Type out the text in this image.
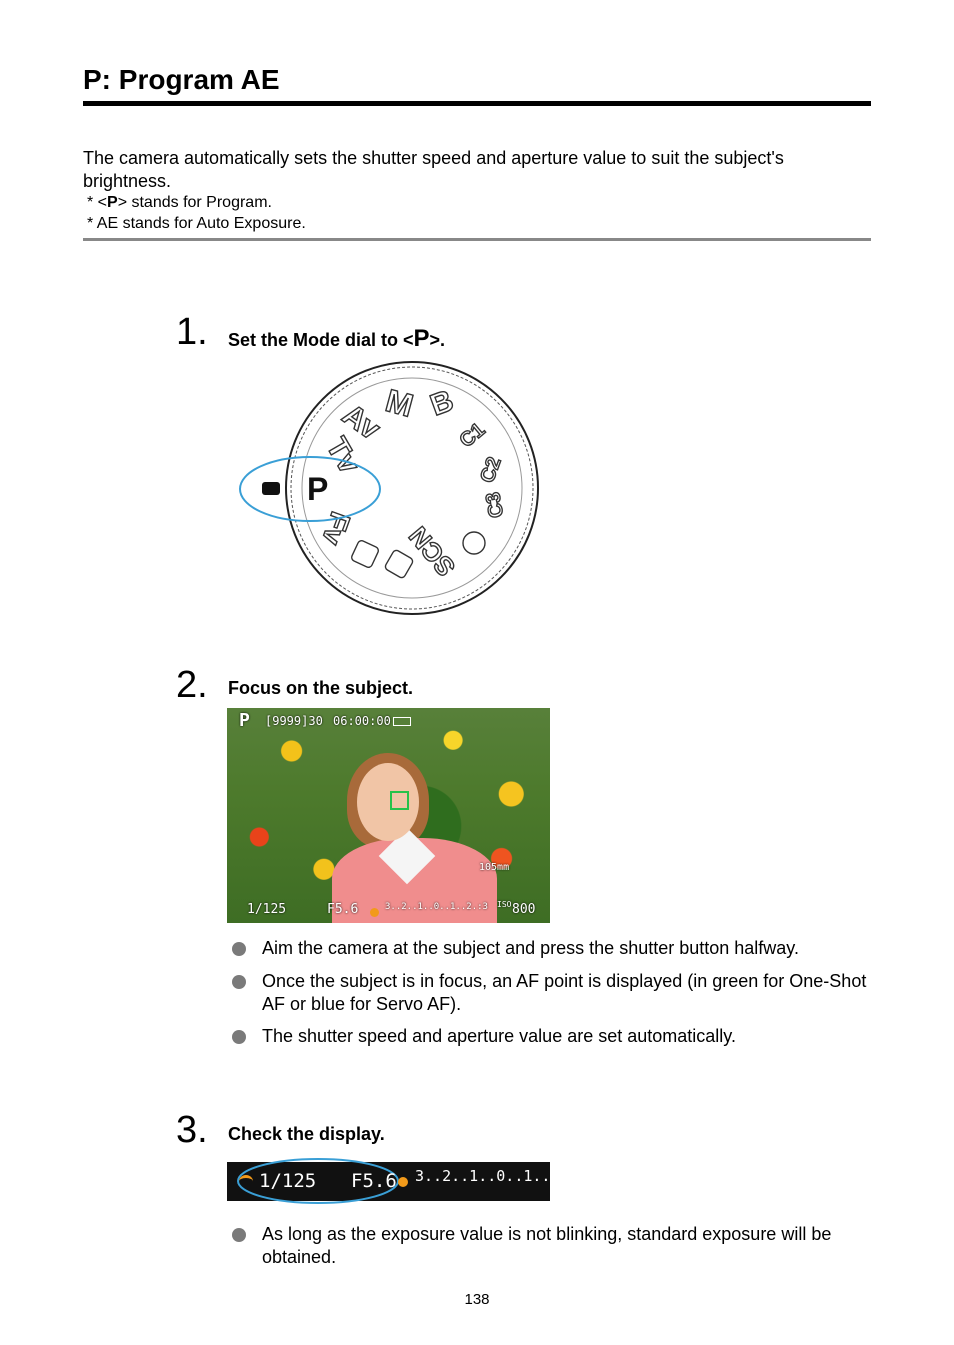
P: Program AE
The camera automatically sets the shutter speed and aperture value to suit the subject's brightness.
* <P> stands for Program.
* AE stands for Auto Exposure.
1. Set the Mode dial to <P>.
Tv
Av
M B
C1
C2
C3
SCN
Fv
P
2. Focus on the subject.
P [9999]30 06:00:00
105mm
1/125	F5.6	3..2..1..0..1..2.:3 ISO 800
Aim the camera at the subject and press the shutter button halfway.
Once the subject is in focus, an AF point is displayed (in green for One-Shot AF or blue for Servo AF).
The shutter speed and aperture value are set automatically.
3. Check the display.
1/125 F5.6 3..2..1..0..1..2.:3
As long as the exposure value is not blinking, standard exposure will be obtained.
138
